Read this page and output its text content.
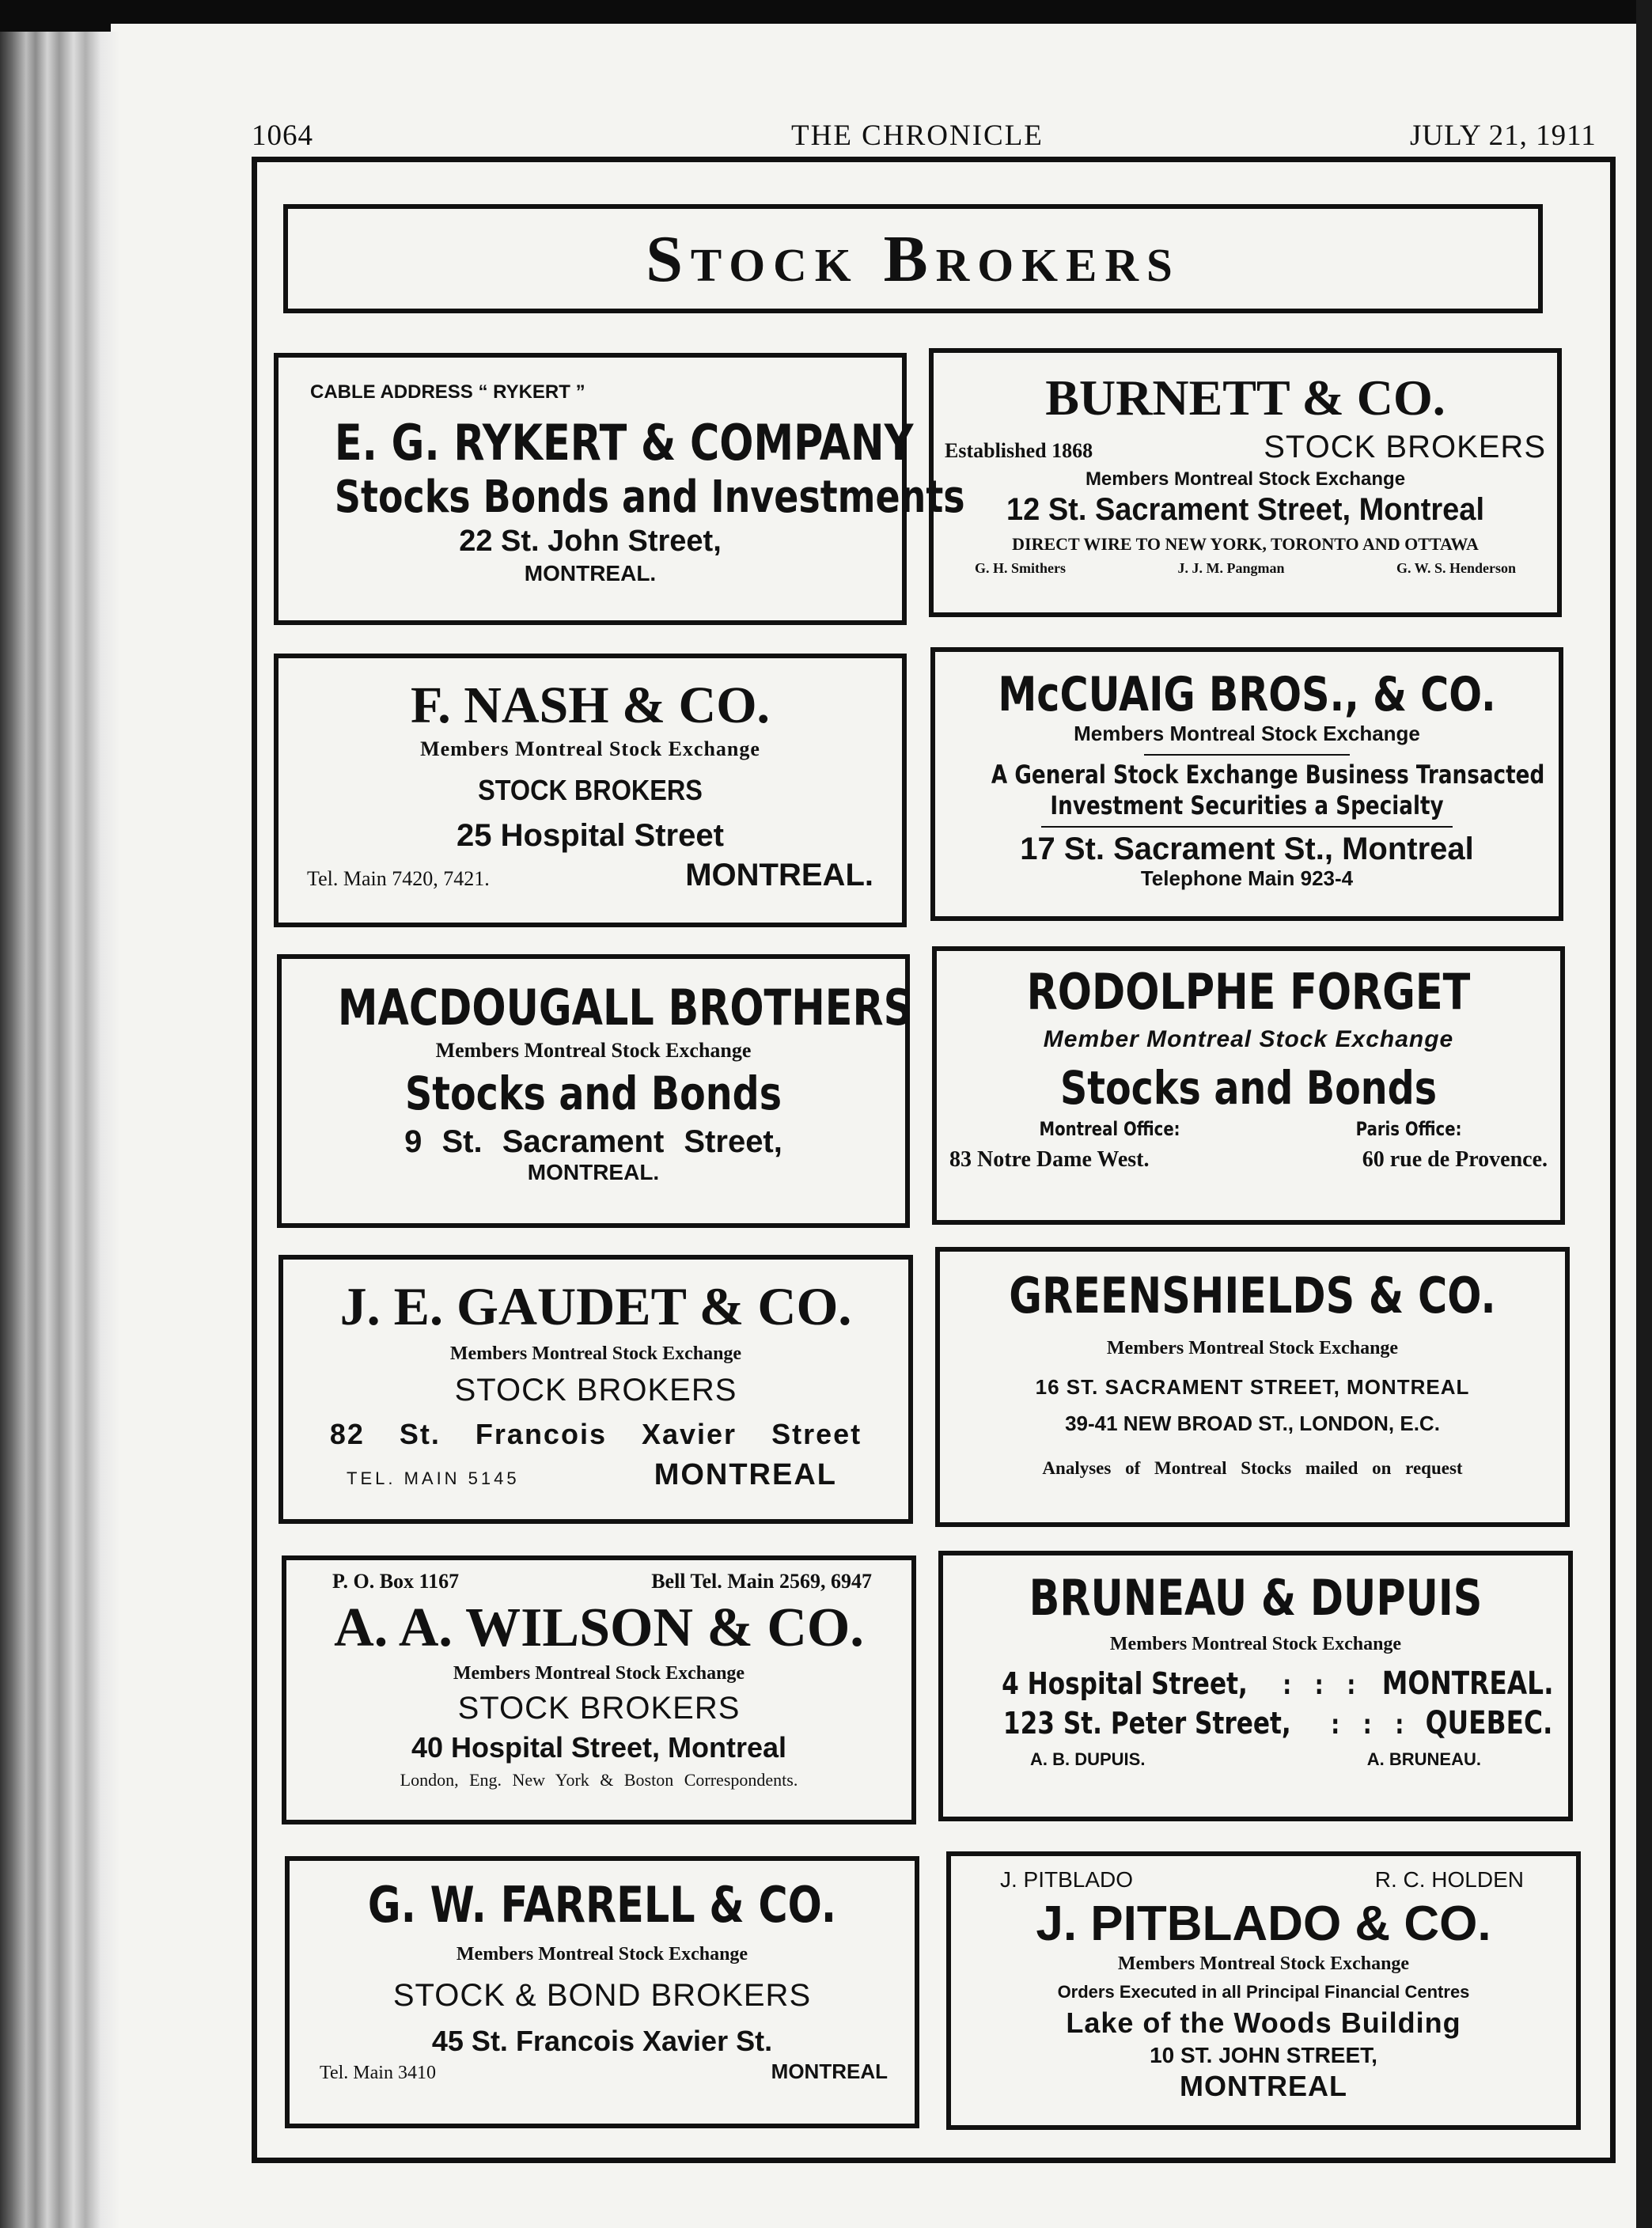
1064	THE CHRONICLE	JULY 21, 1911
Stock Brokers
CABLE ADDRESS “ RYKERT ”
E. G. RYKERT & COMPANY
Stocks Bonds and Investments
22 St. John Street,
MONTREAL.
BURNETT & CO.
Established 1868	STOCK BROKERS
Members Montreal Stock Exchange
12 St. Sacrament Street, Montreal
DIRECT WIRE TO NEW YORK, TORONTO AND OTTAWA
G. H. Smithers	J. J. M. Pangman	G. W. S. Henderson
F. NASH & CO.
Members Montreal Stock Exchange
STOCK BROKERS
25 Hospital Street
Tel. Main 7420, 7421.	MONTREAL.
McCUAIG BROS., & CO.
Members Montreal Stock Exchange
A General Stock Exchange Business Transacted
Investment Securities a Specialty
17 St. Sacrament St., Montreal
Telephone Main 923-4
MACDOUGALL BROTHERS
Members Montreal Stock Exchange
Stocks and Bonds
9 St. Sacrament Street,
MONTREAL.
RODOLPHE FORGET
Member Montreal Stock Exchange
Stocks and Bonds
Montreal Office:	Paris Office:
83 Notre Dame West.	60 rue de Provence.
J. E. GAUDET & CO.
Members Montreal Stock Exchange
STOCK BROKERS
82 St. Francois Xavier Street
TEL. MAIN 5145	MONTREAL
GREENSHIELDS & CO.
Members Montreal Stock Exchange
16 ST. SACRAMENT STREET, MONTREAL
39-41 NEW BROAD ST., LONDON, E.C.
Analyses of Montreal Stocks mailed on request
P. O. Box 1167	Bell Tel. Main 2569, 6947
A. A. WILSON & CO.
Members Montreal Stock Exchange
STOCK BROKERS
40 Hospital Street, Montreal
London, Eng. New York & Boston Correspondents.
BRUNEAU & DUPUIS
Members Montreal Stock Exchange
4 Hospital Street, : : : MONTREAL.
123 St. Peter Street, : : : QUEBEC.
A. B. DUPUIS.	A. BRUNEAU.
G. W. FARRELL & CO.
Members Montreal Stock Exchange
STOCK & BOND BROKERS
45 St. Francois Xavier St.
Tel. Main 3410	MONTREAL
J. PITBLADO	R. C. HOLDEN
J. PITBLADO & CO.
Members Montreal Stock Exchange
Orders Executed in all Principal Financial Centres
Lake of the Woods Building
10 ST. JOHN STREET,
MONTREAL
